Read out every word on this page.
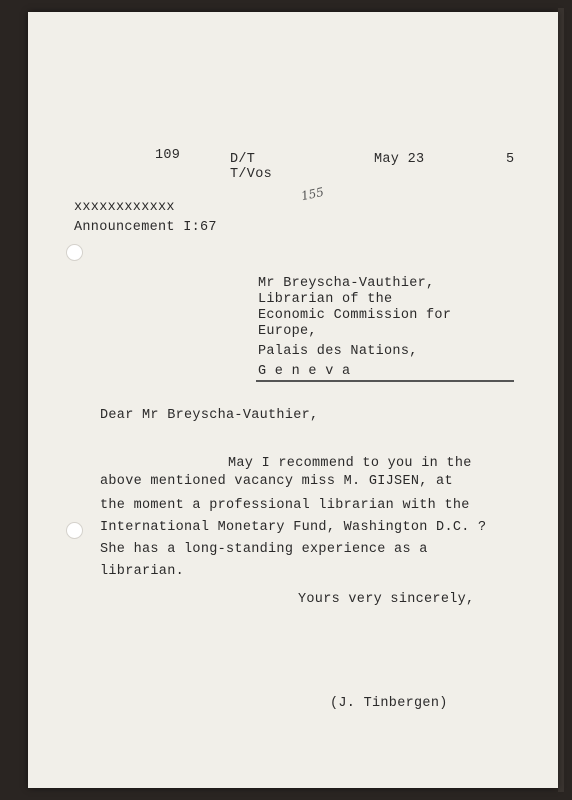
109	D/T
T/Vos
May 23	5
155
xxxxxxxxxxxx
Announcement I:67
Mr Breyscha-Vauthier,
Librarian of the
Economic Commission for
Europe,
Palais des Nations,
G e n e v a
Dear Mr Breyscha-Vauthier,
May I recommend to you in the
above mentioned vacancy miss M. GIJSEN, at
the moment a professional librarian with the
International Monetary Fund, Washington D.C. ?
She has a long-standing experience as a
librarian.
Yours very sincerely,
(J. Tinbergen)
